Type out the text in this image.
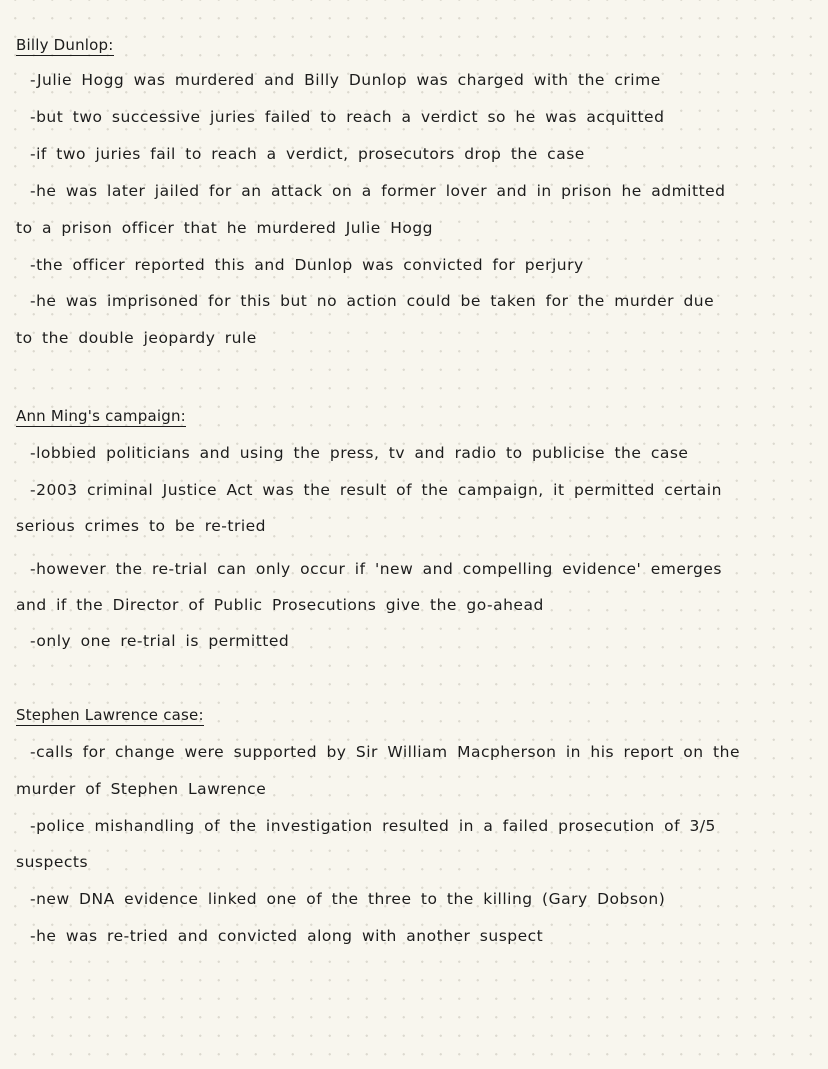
Billy Dunlop:
-Julie Hogg was murdered and Billy Dunlop was charged with the crime
-but two successive juries failed to reach a verdict so he was acquitted
-if two juries fail to reach a verdict, prosecutors drop the case
-he was later jailed for an attack on a former lover and in prison he admitted
to a prison officer that he murdered Julie Hogg
-the officer reported this and Dunlop was convicted for perjury
-he was imprisoned for this but no action could be taken for the murder due
to the double jeopardy rule
Ann Ming's campaign:
-lobbied politicians and using the press, tv and radio to publicise the case
-2003 criminal Justice Act was the result of the campaign, it permitted certain
serious crimes to be re-tried
-however the re-trial can only occur if 'new and compelling evidence' emerges
and if the Director of Public Prosecutions give the go-ahead
-only one re-trial is permitted
Stephen Lawrence case:
-calls for change were supported by Sir William Macpherson in his report on the
murder of Stephen Lawrence
-police mishandling of the investigation resulted in a failed prosecution of 3/5
suspects
-new DNA evidence linked one of the three to the killing (Gary Dobson)
-he was re-tried and convicted along with another suspect
